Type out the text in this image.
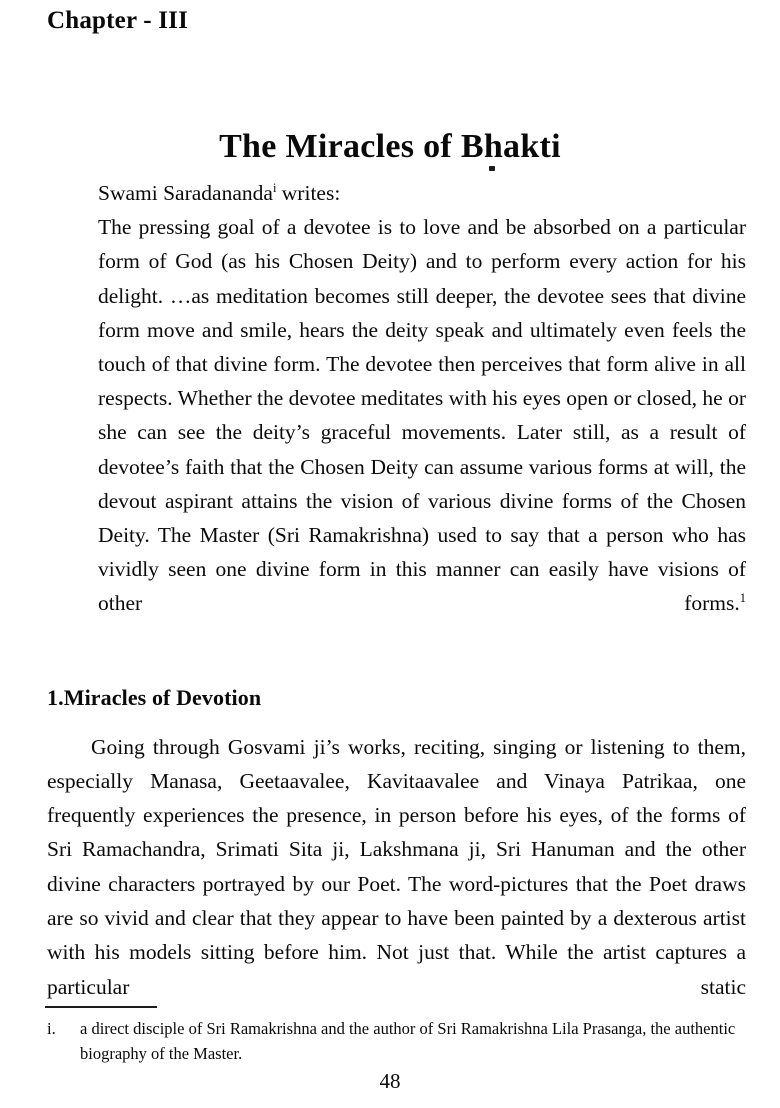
Chapter - III
The Miracles of Bhakti
Swami Saradananda$^i$ writes:
The pressing goal of a devotee is to love and be absorbed on a particular form of God (as his Chosen Deity) and to perform every action for his delight. …as meditation becomes still deeper, the devotee sees that divine form move and smile, hears the deity speak and ultimately even feels the touch of that divine form. The devotee then perceives that form alive in all respects. Whether the devotee meditates with his eyes open or closed, he or she can see the deity’s graceful movements. Later still, as a result of devotee’s faith that the Chosen Deity can assume various forms at will, the devout aspirant attains the vision of various divine forms of the Chosen Deity. The Master (Sri Ramakrishna) used to say that a person who has vividly seen one divine form in this manner can easily have visions of other forms.$^1$
1.Miracles of Devotion

Going through Gosvami ji’s works, reciting, singing or listening to them, especially Manasa, Geetaavalee, Kavitaavalee and Vinaya Patrikaa, one frequently experiences the presence, in person before his eyes, of the forms of Sri Ramachandra, Srimati Sita ji, Lakshmana ji, Sri Hanuman and the other divine characters portrayed by our Poet. The word-pictures that the Poet draws are so vivid and clear that they appear to have been painted by a dexterous artist with his models sitting before him. Not just that. While the artist captures a particular static

i.	a direct disciple of Sri Ramakrishna and the author of Sri Ramakrishna Lila Prasanga, the authentic biography of the Master.
48
